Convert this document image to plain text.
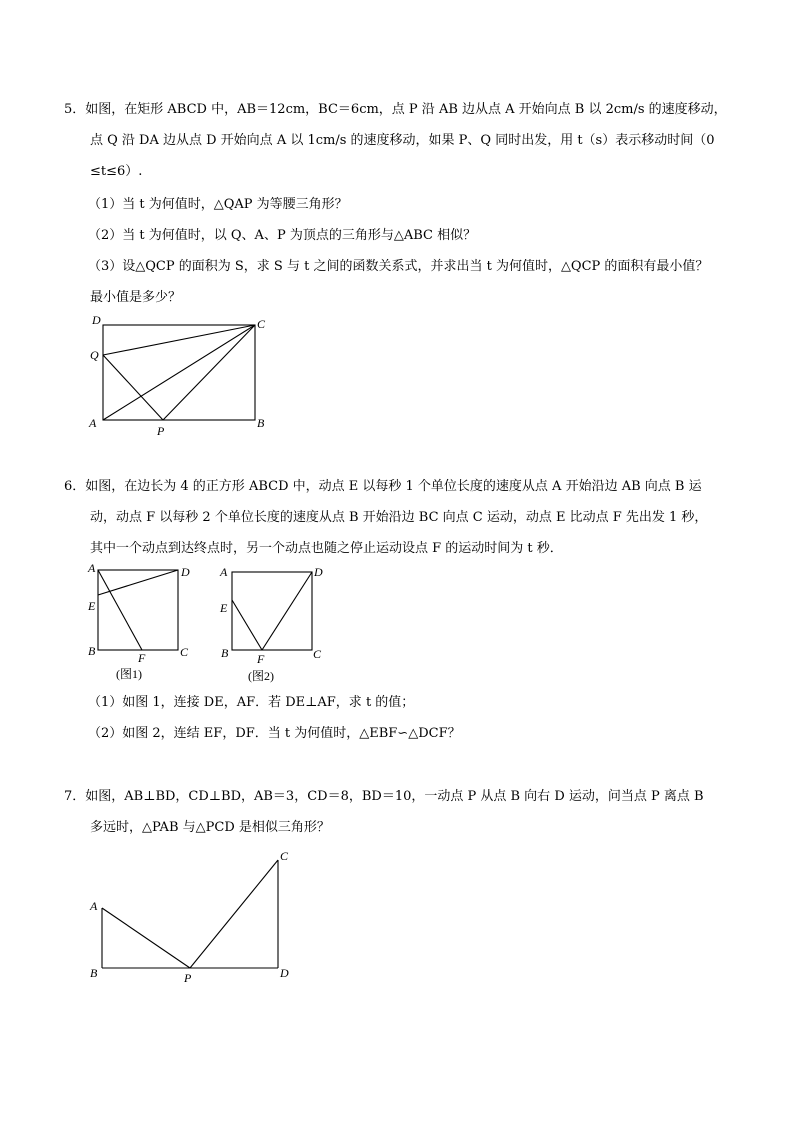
5．如图，在矩形 ABCD 中，AB＝12cm，BC＝6cm，点 P 沿 AB 边从点 A 开始向点 B 以 2cm/s 的速度移动，
点 Q 沿 DA 边从点 D 开始向点 A 以 1cm/s 的速度移动，如果 P、Q 同时出发，用 t（s）表示移动时间（0
≤t≤6）.
（1）当 t 为何值时，△QAP 为等腰三角形？
（2）当 t 为何值时，以 Q、A、P 为顶点的三角形与△ABC 相似？
（3）设△QCP 的面积为 S，求 S 与 t 之间的函数关系式，并求出当 t 为何值时，△QCP 的面积有最小值？
最小值是多少？
D	C
Q
A
P
B
6．如图，在边长为 4 的正方形 ABCD 中，动点 E 以每秒 1 个单位长度的速度从点 A 开始沿边 AB 向点 B 运
动，动点 F 以每秒 2 个单位长度的速度从点 B 开始沿边 BC 向点 C 运动，动点 E 比动点 F 先出发 1 秒，
其中一个动点到达终点时，另一个动点也随之停止运动设点 F 的运动时间为 t 秒．
A	D
E
B	F	C
(图1)
A	D
E
B F	C
(图2)
（1）如图 1，连接 DE，AF．若 DE⊥AF，求 t 的值；
（2）如图 2，连结 EF，DF．当 t 为何值时，△EBF∽△DCF？
7．如图，AB⊥BD，CD⊥BD，AB＝3，CD＝8，BD＝10，一动点 P 从点 B 向右 D 运动，问当点 P 离点 B
多远时，△PAB 与△PCD 是相似三角形？
C
A
B	P	D
